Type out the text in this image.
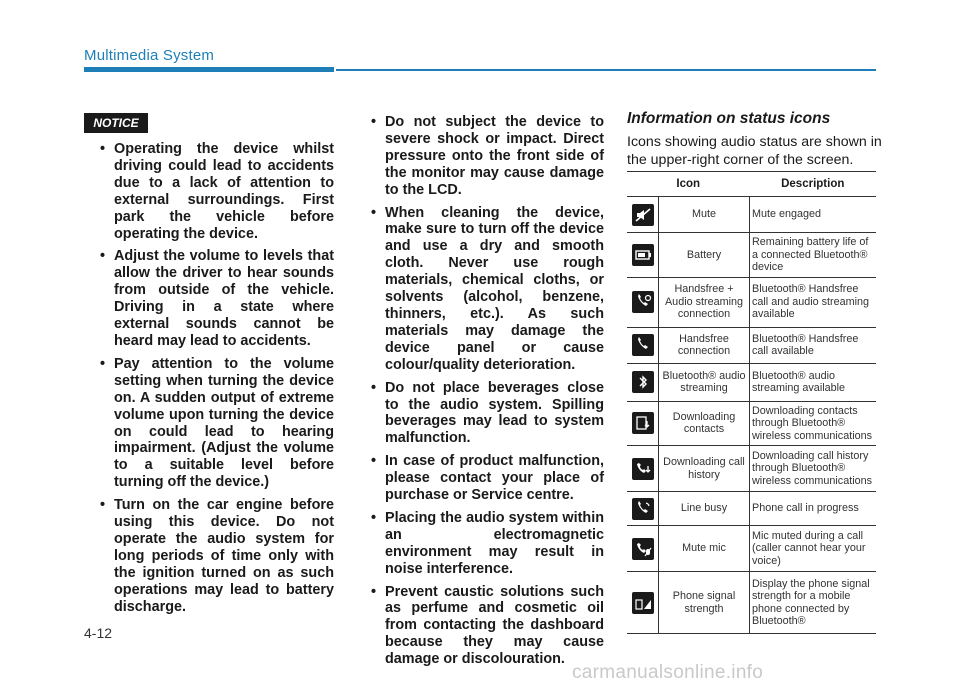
Multimedia System
NOTICE
• Operating the device whilst driving could lead to accidents due to a lack of attention to external surroundings. First park the vehicle before operating the device.
• Adjust the volume to levels that allow the driver to hear sounds from outside of the vehicle. Driving in a state where external sounds cannot be heard may lead to accidents.
• Pay attention to the volume setting when turning the device on. A sudden output of extreme volume upon turning the device on could lead to hearing impairment. (Adjust the volume to a suitable level before turning off the device.)
• Turn on the car engine before using this device. Do not operate the audio system for long periods of time only with the ignition turned on as such operations may lead to battery discharge.
• Do not subject the device to severe shock or impact. Direct pressure onto the front side of the monitor may cause damage to the LCD.
• When cleaning the device, make sure to turn off the device and use a dry and smooth cloth. Never use rough materials, chemical cloths, or solvents (alcohol, benzene, thinners, etc.). As such materials may damage the device panel or cause colour/quality deterioration.
• Do not place beverages close to the audio system. Spilling beverages may lead to system malfunction.
• In case of product malfunction, please contact your place of purchase or Service centre.
• Placing the audio system within an electromagnetic environment may result in noise interference.
• Prevent caustic solutions such as perfume and cosmetic oil from contacting the dashboard because they may cause damage or discolouration.
Information on status icons
Icons showing audio status are shown in the upper-right corner of the screen.
Icon		Description

	Mute	Mute engaged

	Battery	Remaining battery life of a connected Bluetooth® device

	Handsfree + Audio streaming connection	Bluetooth® Handsfree call and audio streaming available

	Handsfree connection	Bluetooth® Handsfree call available

	Bluetooth® audio streaming	Bluetooth® audio streaming available

	Downloading contacts	Downloading contacts through Bluetooth® wireless communications

	Downloading call history	Downloading call history through Bluetooth® wireless communications

	Line busy	Phone call in progress

	Mute mic	Mic muted during a call (caller cannot hear your voice)

	Phone signal strength	Display the phone signal strength for a mobile phone connected by Bluetooth®
4-12
carmanualsonline.info
